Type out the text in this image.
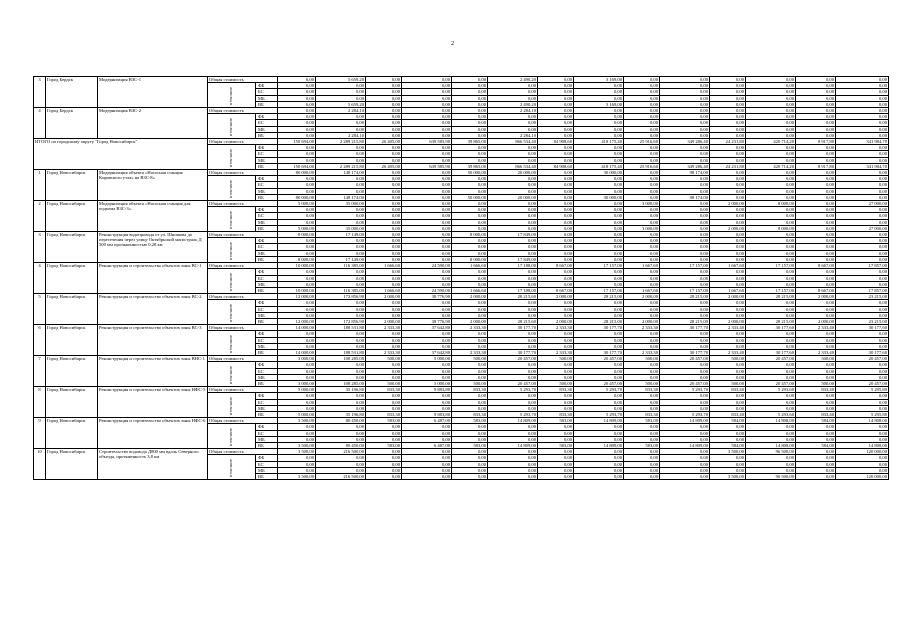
2
3	Город Бердск	Модернизация ВЗС-1	Общая стоимость		6,00	5 659,20	0,00	0,00	0,00	2 490,20	0,00	3 169,00	0,00	0,00	0,00	0,00	0,00	0,00
			в том числе	ФБ	0,00	0,00	0,00	0,00	0,00	0,00	0,00	0,00	0,00	0,00	0,00	0,00	0,00	0,00
				БС	0,00	0,00	0,00	0,00	0,00	0,00	0,00	0,00	0,00	0,00	0,00	0,00	0,00	0,00
				МБ	0,00	0,00	0,00	0,00	0,00	0,00	0,00	0,00	0,00	0,00	0,00	0,00	0,00	0,00
				ВБ	6,00	5 659,20	0,00	0,00	0,00	2 490,20	0,00	3 169,00	0,00	0,00	0,00	0,00	0,00	0,00
4	Город Бердск	Модернизация ВЗС-2	Общая стоимость		0,00	2 284,10	0,00	0,00	0,00	2 284,10	0,00	0,00	0,00	0,00	0,00	0,00	0,00	0,00
			в том числе	ФБ	0,00	0,00	0,00	0,00	0,00	0,00	0,00	0,00	0,00	0,00	0,00	0,00	0,00	0,00
				БС	0,00	0,00	0,00	0,00	0,00	0,00	0,00	0,00	0,00	0,00	0,00	0,00	0,00	0,00
				МБ	0,00	0,00	0,00	0,00	0,00	0,00	0,00	0,00	0,00	0,00	0,00	0,00	0,00	0,00
				ВБ	0,00	2 284,10	0,00	0,00	0,00	2 284,10	0,00	0,00	0,00	0,00	0,00	0,00	0,00	0,00
ИТОГО по городскому округу "Город Новосибирск"			Общая стоимость		150 694,00	2 289 215,80	26 405,00	639 585,90	39 865,00	866 534,40	84 908,60	418 175,40	25 916,60	349 286,40	24 231,80	420 714,20	8 917,80	341 984,70
			в том числе	ФБ	0,00	0,00	0,00	0,00	0,00	0,00	0,00	0,00	0,00	0,00	0,00	0,00	0,00	0,00
				БС	0,00	0,00	0,00	0,00	0,00	0,00	0,00	0,00	0,00	0,00	0,00	0,00	0,00	0,00
				МБ	0,00	0,00	0,00	0,00	0,00	0,00	0,00	0,00	0,00	0,00	0,00	0,00	0,00	0,00
				ВБ	150 694,00	2 289 215,80	26 405,00	639 585,90	39 865,00	866 534,40	84 908,60	418 175,40	25 916,60	349 286,40	24 231,80	420 714,20	8 917,80	341 984,70
1	Город Новосибирск	Модернизация объекта «Насосная станция Кировского узла» на ВЗС-8»	Общая стоимость		80 000,00	148 174,00	0,00	0,00	50 000,00	20 000,00	0,00	30 000,00	0,00	98 174,00	0,00	0,00	0,00	0,00
			в том числе	ФБ	0,00	0,00	0,00	0,00	0,00	0,00	0,00	0,00	0,00	0,00	0,00	0,00	0,00	0,00
				БС	0,00	0,00	0,00	0,00	0,00	0,00	0,00	0,00	0,00	0,00	0,00	0,00	0,00	0,00
				МБ	0,00	0,00	0,00	0,00	0,00	0,00	0,00	0,00	0,00	0,00	0,00	0,00	0,00	0,00
				ВБ	80 000,00	148 174,00	0,00	0,00	50 000,00	20 000,00	0,00	30 000,00	0,00	98 174,00	0,00	0,00	0,00	0,00
2	Город Новосибирск	Модернизация объекта «Насосная станция для подъема ВЗС-3»	Общая стоимость		5 000,00	35 000,00	0,00	0,00	0,00	0,00	0,00	0,00	3 000,00	0,00	2 000,00	8 000,00	0,00	27 000,00
			в том числе	ФБ	0,00	0,00	0,00	0,00	0,00	0,00	0,00	0,00	0,00	0,00	0,00	0,00	0,00	0,00
				БС	0,00	0,00	0,00	0,00	0,00	0,00	0,00	0,00	0,00	0,00	0,00	0,00	0,00	0,00
				МБ	0,00	0,00	0,00	0,00	0,00	0,00	0,00	0,00	0,00	0,00	0,00	0,00	0,00	0,00
				ВБ	5 000,00	35 000,00	0,00	0,00	0,00	0,00	0,00	0,00	3 000,00	0,00	2 000,00	8 000,00	0,00	27 000,00
3	Город Новосибирск	Реконструкция водопровода от ул. Шишкова до пересечения через улицу Октябрьской магистраль Д 500 мм протяженностью 0,28 км	Общая стоимость		8 000,00	17 149,00	0,00	0,00	8 000,00	17 849,00	0,00	0,00	0,00	0,00	0,00	0,00	0,00	0,00
			в том числе	ФБ	0,00	0,00	0,00	0,00	0,00	0,00	0,00	0,00	0,00	0,00	0,00	0,00	0,00	0,00
				БС	0,00	0,00	0,00	0,00	0,00	0,00	0,00	0,00	0,00	0,00	0,00	0,00	0,00	0,00
				МБ	0,00	0,00	0,00	0,00	0,00	0,00	0,00	0,00	0,00	0,00	0,00	0,00	0,00	0,00
				ВБ	8 000,00	17 149,00	0,00	0,00	8 000,00	17 849,00	0,00	0,00	0,00	0,00	0,00	0,00	0,00	0,00
4	Город Новосибирск	Реконструкция и строительство объектов зоны ВС-1	Общая стоимость		10 000,00	116 385,00	1 666,60	24 590,00	1 666,60	17 188,00	8 667,00	17 157,00	1 667,60	17 157,00	1 667,60	17 157,00	8 667,00	17 857,00
			в том числе	ФБ	0,00	0,00	0,00	0,00	0,00	0,00	0,00	0,00	0,00	0,00	0,00	0,00	0,00	0,00
				БС	0,00	0,00	0,00	0,00	0,00	0,00	0,00	0,00	0,00	0,00	0,00	0,00	0,00	0,00
				МБ	0,00	0,00	0,00	0,00	0,00	0,00	0,00	0,00	0,00	0,00	0,00	0,00	0,00	0,00
				ВБ	10 000,00	116 385,00	1 666,60	24 590,00	1 666,60	17 188,00	8 667,00	17 157,00	1 667,60	17 157,00	1 667,60	17 157,00	8 667,00	17 857,00
5	Город Новосибирск	Реконструкция и строительство объектов зоны ВС-2	Общая стоимость		12 000,00	172 856,90	2 000,00	38 776,90	2 000,00	28 215,60	2 000,00	28 215,00	2 000,00	28 215,00	2 000,00	28 215,00	2 000,00	23 215,00
			в том числе	ФБ	0,00	0,00	0,00	0,00	0,00	0,00	0,00	0,00	0,00	0,00	0,00	0,00	0,00	0,00
				БС	0,00	0,00	0,00	0,00	0,00	0,00	0,00	0,00	0,00	0,00	0,00	0,00	0,00	0,00
				МБ	0,00	0,00	0,00	0,00	0,00	0,00	0,00	0,00	0,00	0,00	0,00	0,00	0,00	0,00
				ВБ	12 000,00	172 856,90	2 000,00	38 776,90	2 000,00	28 215,60	2 000,00	28 215,00	2 000,00	28 215,00	2 000,00	28 215,00	2 000,00	23 215,00
6	Город Новосибирск	Реконструкция и строительство объектов зоны ВС-3	Общая стоимость		14 000,00	188 531,80	2 333,30	37 642,80	2 333,30	30 177,70	2 333,30	30 177,70	2 333,30	30 177,70	2 333,40	30 177,60	2 333,40	30 177,60
			в том числе	ФБ	0,00	0,00	0,00	0,00	0,00	0,00	0,00	0,00	0,00	0,00	0,00	0,00	0,00	0,00
				БС	0,00	0,00	0,00	0,00	0,00	0,00	0,00	0,00	0,00	0,00	0,00	0,00	0,00	0,00
				МБ	0,00	0,00	0,00	0,00	0,00	0,00	0,00	0,00	0,00	0,00	0,00	0,00	0,00	0,00
				ВБ	14 000,00	188 531,80	2 333,30	37 642,80	2 333,30	30 177,70	2 333,30	30 177,70	2 333,30	30 177,70	2 333,40	30 177,60	2 333,40	30 177,60
7	Город Новосибирск	Реконструкция и строительство объектов зоны ВНС-1	Общая стоимость		3 000,00	108 285,00	500,00	5 000,00	500,00	20 457,00	500,00	20 457,00	500,00	20 457,00	500,00	20 457,00	500,00	20 457,00
			в том числе	ФБ	0,00	0,00	0,00	0,00	0,00	0,00	0,00	0,00	0,00	0,00	0,00	0,00	0,00	0,00
				БС	0,00	0,00	0,00	0,00	0,00	0,00	0,00	0,00	0,00	0,00	0,00	0,00	0,00	0,00
				МБ	0,00	0,00	0,00	0,00	0,00	0,00	0,00	0,00	0,00	0,00	0,00	0,00	0,00	0,00
				ВБ	3 000,00	108 285,00	500,00	5 000,00	500,00	20 457,00	500,00	20 457,00	500,00	20 457,00	500,00	20 457,00	500,00	20 457,00
8	Город Новосибирск	Реконструкция и строительство объектов зоны НФС-5	Общая стоимость		5 000,00	35 196,80	833,30	9 883,80	833,30	5 293,70	833,30	5 293,70	833,30	5 293,70	833,40	5 293,60	833,40	5 295,80
			в том числе	ФБ	0,00	0,00	0,00	0,00	0,00	0,00	0,00	0,00	0,00	0,00	0,00	0,00	0,00	0,00
				БС	0,00	0,00	0,00	0,00	0,00	0,00	0,00	0,00	0,00	0,00	0,00	0,00	0,00	0,00
				МБ	0,00	0,00	0,00	0,00	0,00	0,00	0,00	0,00	0,00	0,00	0,00	0,00	0,00	0,00
				ВБ	5 000,00	35 196,80	833,30	9 883,80	833,30	5 293,70	833,30	5 293,70	833,30	5 293,70	833,40	5 293,60	833,40	5 295,80
9	Город Новосибирск	Реконструкция и строительство объектов зоны НФС-6	Общая стоимость		3 500,00	80 450,00	583,00	6 487,00	583,00	14 809,00	583,00	14 809,00	583,00	14 809,00	584,00	14 808,00	584,00	14 808,00
			в том числе	ФБ	0,00	0,00	0,00	0,00	0,00	0,00	0,00	0,00	0,00	0,00	0,00	0,00	0,00	0,00
				БС	0,00	0,00	0,00	0,00	0,00	0,00	0,00	0,00	0,00	0,00	0,00	0,00	0,00	0,00
				МБ	0,00	0,00	0,00	0,00	0,00	0,00	0,00	0,00	0,00	0,00	0,00	0,00	0,00	0,00
				ВБ	3 500,00	80 450,00	583,00	6 487,00	583,00	14 809,00	583,00	14 809,00	583,00	14 809,00	584,00	14 808,00	584,00	14 808,00
10	Город Новосибирск	Строительство водовода Д800 мм вдоль Северного объезда, протяженность 3,8 км	Общая стоимость		3 500,00	216 500,00	0,00	0,00	0,00	0,00	0,00	0,00	0,00	0,00	3 500,00	96 500,00	0,00	120 000,00
			в том числе	ФБ	0,00	0,00	0,00	0,00	0,00	0,00	0,00	0,00	0,00	0,00	0,00	0,00	0,00	0,00
				БС	0,00	0,00	0,00	0,00	0,00	0,00	0,00	0,00	0,00	0,00	0,00	0,00	0,00	0,00
				МБ	0,00	0,00	0,00	0,00	0,00	0,00	0,00	0,00	0,00	0,00	0,00	0,00	0,00	0,00
				ВБ	3 500,00	216 500,00	0,00	0,00	0,00	0,00	0,00	0,00	0,00	0,00	3 500,00	96 500,00	0,00	120 000,00
